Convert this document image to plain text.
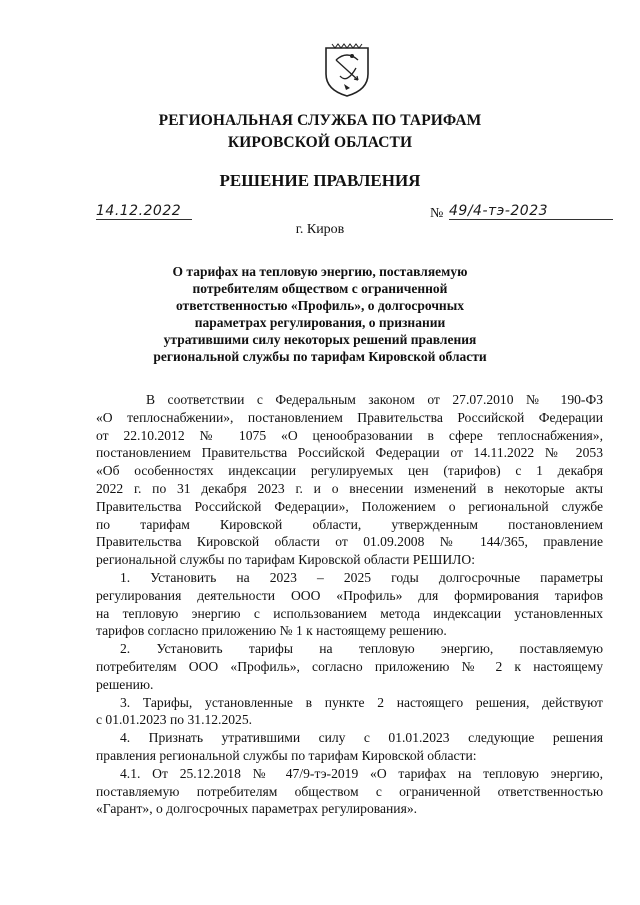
РЕГИОНАЛЬНАЯ СЛУЖБА ПО ТАРИФАМ
КИРОВСКОЙ ОБЛАСТИ
РЕШЕНИЕ ПРАВЛЕНИЯ
14.12.2022	№ 49/4-тэ-2023
г. Киров
О тарифах на тепловую энергию, поставляемую
потребителям обществом с ограниченной
ответственностью «Профиль», о долгосрочных
параметрах регулирования, о признании
утратившими силу некоторых решений правления
региональной службы по тарифам Кировской области
В соответствии с Федеральным законом от 27.07.2010 № 190-ФЗ
«О теплоснабжении», постановлением Правительства Российской Федерации
от 22.10.2012 № 1075 «О ценообразовании в сфере теплоснабжения»,
постановлением Правительства Российской Федерации от 14.11.2022 № 2053
«Об особенностях индексации регулируемых цен (тарифов) с 1 декабря
2022 г. по 31 декабря 2023 г. и о внесении изменений в некоторые акты
Правительства Российской Федерации», Положением о региональной службе
по тарифам Кировской области, утвержденным постановлением
Правительства Кировской области от 01.09.2008 № 144/365, правление
региональной службы по тарифам Кировской области РЕШИЛО:
1. Установить на 2023 – 2025 годы долгосрочные параметры
регулирования деятельности ООО «Профиль» для формирования тарифов
на тепловую энергию с использованием метода индексации установленных
тарифов согласно приложению № 1 к настоящему решению.
2. Установить тарифы на тепловую энергию, поставляемую
потребителям ООО «Профиль», согласно приложению № 2 к настоящему
решению.
3. Тарифы, установленные в пункте 2 настоящего решения, действуют
с 01.01.2023 по 31.12.2025.
4. Признать утратившими силу с 01.01.2023 следующие решения
правления региональной службы по тарифам Кировской области:
4.1. От 25.12.2018 № 47/9-тэ-2019 «О тарифах на тепловую энергию,
поставляемую потребителям обществом с ограниченной ответственностью
«Гарант», о долгосрочных параметрах регулирования».
